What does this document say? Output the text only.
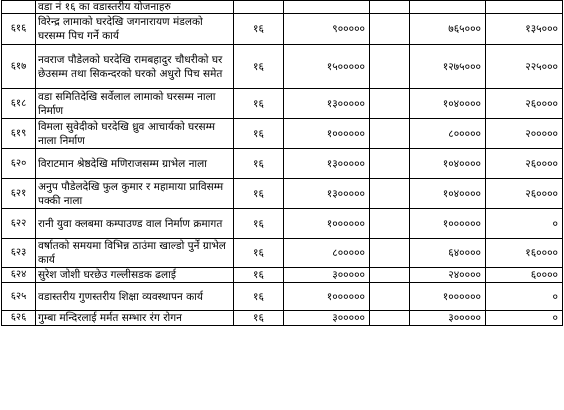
	वडा नं १६ का वडास्तरीय योजनाहरु					
६१६	विरेन्द्र लामाको घरदेखि जगनारायण मंडलको घरसम्म पिच गर्ने कार्य	१६	९०००००		७६५०००	१३५०००
६१७	नवराज पौडेलको घरदेखि रामबहादुर चौधरीको घर छेउसम्म तथा सिकन्दरको घरको अधुरो पिच समेत	१६	१५०००००		१२७५०००	२२५०००
६१८	वडा समितिदेखि सर्वेलाल लामाको घरसम्म नाला निर्माण	१६	१३०००००		१०४००००	२६००००
६१९	विमला सुवेदीको घरदेखि ध्रुव आचार्यको घरसम्म नाला निर्माण	१६	१००००००		८०००००	२०००००
६२०	विराटमान श्रेष्ठदेखि मणिराजसम्म ग्राभेल नाला	१६	१३०००००		१०४००००	२६००००
६२१	अनुप पौडेलदेखि फुल कुमार र महामाया प्राविसम्म पक्की नाला	१६	१३०००००		१०४००००	२६००००
६२२	रानी युवा क्लबमा कम्पाउण्ड वाल निर्माण क्रमागत	१६	१००००००		१००००००	०
६२३	वर्षातको समयमा विभिन्न ठाउंमा खाल्डो पुर्ने ग्राभेल कार्य	१६	८०००००		६४००००	१६००००
६२४	सुरेश जोशी घरछेउ गल्लीसडक ढलाई	१६	३०००००		२४००००	६००००
६२५	वडास्तरीय गुणस्तरीय शिक्षा व्यवस्थापन कार्य	१६	१००००००		१००००००	०
६२६	गुम्बा मन्दिरलाई मर्मत सम्भार रंग रोगन	१६	३०००००		३०००००	०
